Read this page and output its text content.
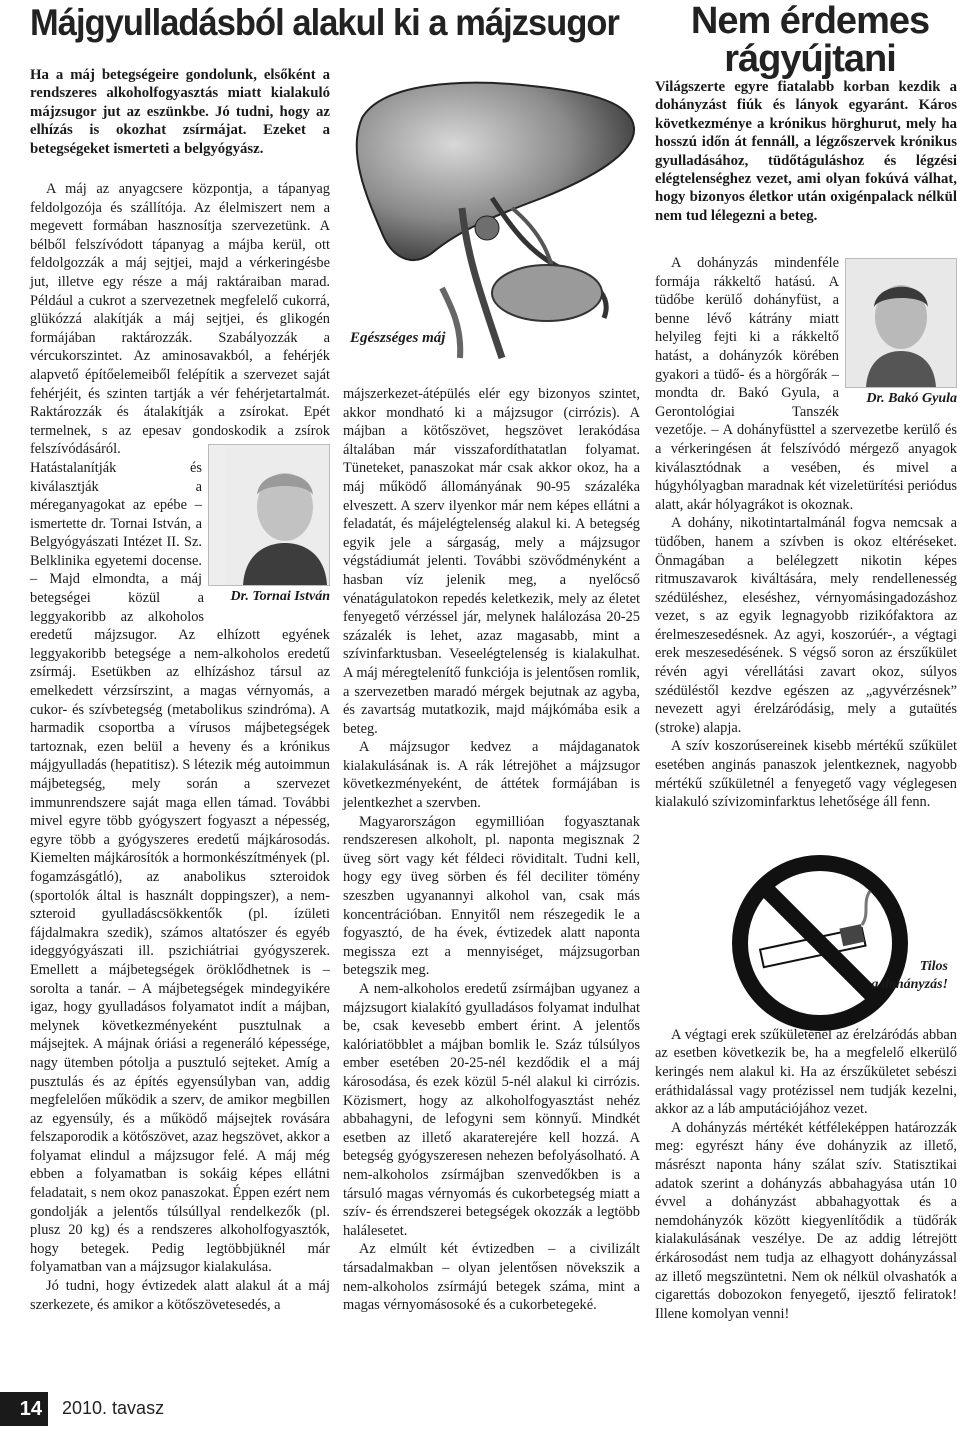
Májgyulladásból alakul ki a májzsugor

Ha a máj betegségeire gondolunk, elsőként a rendszeres alkoholfogyasztás miatt kialakuló májzsugor jut az eszünkbe. Jó tudni, hogy az elhízás is okozhat zsírmájat. Ezeket a betegségeket ismerteti a belgyógyász.

A máj az anyagcsere központja, a tápanyag feldolgozója és szállítója. Az élelmiszert nem a megevett formában hasznosítja szervezetünk. A bélből felszívódott tápanyag a májba kerül, ott feldolgozzák a máj sejtjei, majd a vérkeringésbe jut, illetve egy része a máj raktáraiban marad. Például a cukrot a szervezetnek megfelelő cukorrá, glükózzá alakítják a máj sejtjei, és glikogén formájában raktározzák. Szabályozzák a vércukorszintet. Az aminosavakból, a fehérjék alapvető építőelemeiből felépítik a szervezet saját fehérjéit, és szinten tartják a vér fehérjetartalmát. Raktározzák és átalakítják a zsírokat. Epét termelnek, s az epesav gondoskodik a zsírok felszívódásáról.
Dr. Tornai István
Hatástalanítják és kiválasztják a méreganyagokat az epébe – ismertette dr. Tornai István, a Belgyógyászati Intézet II. Sz. Belklinika egyetemi docense. – Majd elmondta, a máj betegségei közül a leggyakoribb az alkoholos eredetű májzsugor. Az elhízott egyének leggyakoribb betegsége a nem-alkoholos eredetű zsírmáj. Esetükben az elhízáshoz társul az emelkedett vérzsírszint, a magas vérnyomás, a cukor- és szívbetegség (metabolikus szindróma). A harmadik csoportba a vírusos májbetegségek tartoznak, ezen belül a heveny és a krónikus májgyulladás (hepatitisz). S létezik még autoimmun májbetegség, mely során a szervezet immunrendszere saját maga ellen támad. További mivel egyre több gyógyszert fogyaszt a népesség, egyre több a gyógyszeres eredetű májkárosodás. Kiemelten májkárosítók a hormonkészítmények (pl. fogamzásgátló), az anabolikus szteroidok (sportolók által is használt doppingszer), a nem-szteroid gyulladáscsökkentők (pl. ízületi fájdalmakra szedik), számos altatószer és egyéb ideggyógyászati ill. pszichiátriai gyógyszerek. Emellett a májbetegségek öröklődhetnek is – sorolta a tanár. – A májbetegségek mindegyikére igaz, hogy gyulladásos folyamatot indít a májban, melynek következményeként pusztulnak a májsejtek. A májnak óriási a regeneráló képessége, nagy ütemben pótolja a pusztuló sejteket. Amíg a pusztulás és az építés egyensúlyban van, addig megfelelően működik a szerv, de amikor megbillen az egyensúly, és a működő májsejtek rovására felszaporodik a kötőszövet, azaz hegszövet, akkor a folyamat elindul a májzsugor felé. A máj még ebben a folyamatban is sokáig képes ellátni feladatait, s nem okoz panaszokat. Éppen ezért nem gondolják a jelentős túlsúllyal rendelkezők (pl. plusz 20 kg) és a rendszeres alkoholfogyasztók, hogy betegek. Pedig legtöbbjüknél már folyamatban van a májzsugor kialakulása.

Jó tudni, hogy évtizedek alatt alakul át a máj szerkezete, és amikor a kötőszövetesedés, a

Egészséges máj

májszerkezet-átépülés elér egy bizonyos szintet, akkor mondható ki a májzsugor (cirrózis). A májban a kötőszövet, hegszövet lerakódása általában már visszafordíthatatlan folyamat. Tüneteket, panaszokat már csak akkor okoz, ha a máj működő állományának 90-95 százaléka elveszett. A szerv ilyenkor már nem képes ellátni a feladatát, és májelégtelenség alakul ki. A betegség egyik jele a sárgaság, mely a májzsugor végstádiumát jelenti. További szövődményként a hasban víz jelenik meg, a nyelőcső vénatágulatokon repedés keletkezik, mely az életet fenyegető vérzéssel jár, melynek halálozása 20-25 százalék is lehet, azaz magasabb, mint a szívinfarktusban. Veseelégtelenség is kialakulhat. A máj méregtelenítő funkciója is jelentősen romlik, a szervezetben maradó mérgek bejutnak az agyba, és zavartság mutatkozik, majd májkómába esik a beteg.

A májzsugor kedvez a májdaganatok kialakulásának is. A rák létrejöhet a májzsugor következményeként, de áttétek formájában is jelentkezhet a szervben.

Magyarországon egymillióan fogyasztanak rendszeresen alkoholt, pl. naponta megisznak 2 üveg sört vagy két féldeci röviditalt. Tudni kell, hogy egy üveg sörben és fél deciliter tömény szeszben ugyanannyi alkohol van, csak más koncentrációban. Ennyitől nem részegedik le a fogyasztó, de ha évek, évtizedek alatt naponta megissza ezt a mennyiséget, májzsugorban betegszik meg.

A nem-alkoholos eredetű zsírmájban ugyanez a májzsugort kialakító gyulladásos folyamat indulhat be, csak kevesebb embert érint. A jelentős kalóriatöbblet a májban bomlik le. Száz túlsúlyos ember esetében 20-25-nél kezdődik el a máj károsodása, és ezek közül 5-nél alakul ki cirrózis. Közismert, hogy az alkoholfogyasztást nehéz abbahagyni, de lefogyni sem könnyű. Mindkét esetben az illető akaraterejére kell hozzá. A betegség gyógyszeresen nehezen befolyásolható. A nem-alkoholos zsírmájban szenvedőkben is a társuló magas vérnyomás és cukorbetegség miatt a szív- és érrendszerei betegségek okozzák a legtöbb halálesetet.

Az elmúlt két évtizedben – a civilizált társadalmakban – olyan jelentősen növekszik a nem-alkoholos zsírmájú betegek száma, mint a magas vérnyomásosoké és a cukorbetegeké.

Nem érdemes
rágyújtani

Világszerte egyre fiatalabb korban kezdik a dohányzást fiúk és lányok egyaránt. Káros következménye a krónikus hörghurut, mely ha hosszú időn át fennáll, a légzőszervek krónikus gyulladásához, tüdőtáguláshoz és légzési elégtelenséghez vezet, ami olyan fokúvá válhat, hogy bizonyos életkor után oxigénpalack nélkül nem tud lélegezni a beteg.

Dr. Bakó Gyula

A dohányzás mindenféle formája rákkeltő hatású. A tüdőbe kerülő dohányfüst, a benne lévő kátrány miatt helyileg fejti ki a rákkeltő hatást, a dohányzók körében gyakori a tüdő- és a hörgőrák – mondta dr. Bakó Gyula, a Gerontológiai Tanszék vezetője. – A dohányfüsttel a szervezetbe kerülő és a vérkeringésen át felszívódó mérgező anyagok kiválasztódnak a vesében, és mivel a húgyhólyagban maradnak két vizeletürítési periódus alatt, akár hólyagrákot is okoznak.

A dohány, nikotintartalmánál fogva nemcsak a tüdőben, hanem a szívben is okoz eltéréseket. Önmagában a belélegzett nikotin képes ritmuszavarok kiváltására, mely rendellenesség szédüléshez, eleséshez, vérnyomásingadozáshoz vezet, s az egyik legnagyobb rizikófaktora az érelmeszesedésnek. Az agyi, koszorúér-, a végtagi erek meszesedésének. S végső soron az érszűkület révén agyi vérellátási zavart okoz, súlyos szédüléstől kezdve egészen az „agyvérzésnek” nevezett agyi érelzáródásig, mely a gutaütés (stroke) alapja.

A szív koszorúsereinek kisebb mértékű szűkület esetében anginás panaszok jelentkeznek, nagyobb mértékű szűkületnél a fenyegető vagy véglegesen kialakuló szívizominfarktus lehetősége áll fenn.

A végtagi erek szűkületénél az érelzáródás abban az esetben következik be, ha a megfelelő elkerülő keringés nem alakul ki. Ha az érszűkületet sebészi eráthidalással vagy protézissel nem tudják kezelni, akkor az a láb amputációjához vezet.

A dohányzás mértékét kétféleképpen határozzák meg: egyrészt hány éve dohányzik az illető, másrészt naponta hány szálat szív. Statisztikai adatok szerint a dohányzás abbahagyása után 10 évvel a dohányzást abbahagyottak és a nemdohányzók között kiegyenlítődik a tüdőrák kialakulásának veszélye. De az addig létrejött érkárosodást nem tudja az elhagyott dohányzással az illető megszüntetni. Nem ok nélkül olvashatók a cigarettás dobozokon fenyegető, ijesztő feliratok! Illene komolyan venni!

Tilos
a dohányzás!
14	2010. tavasz
